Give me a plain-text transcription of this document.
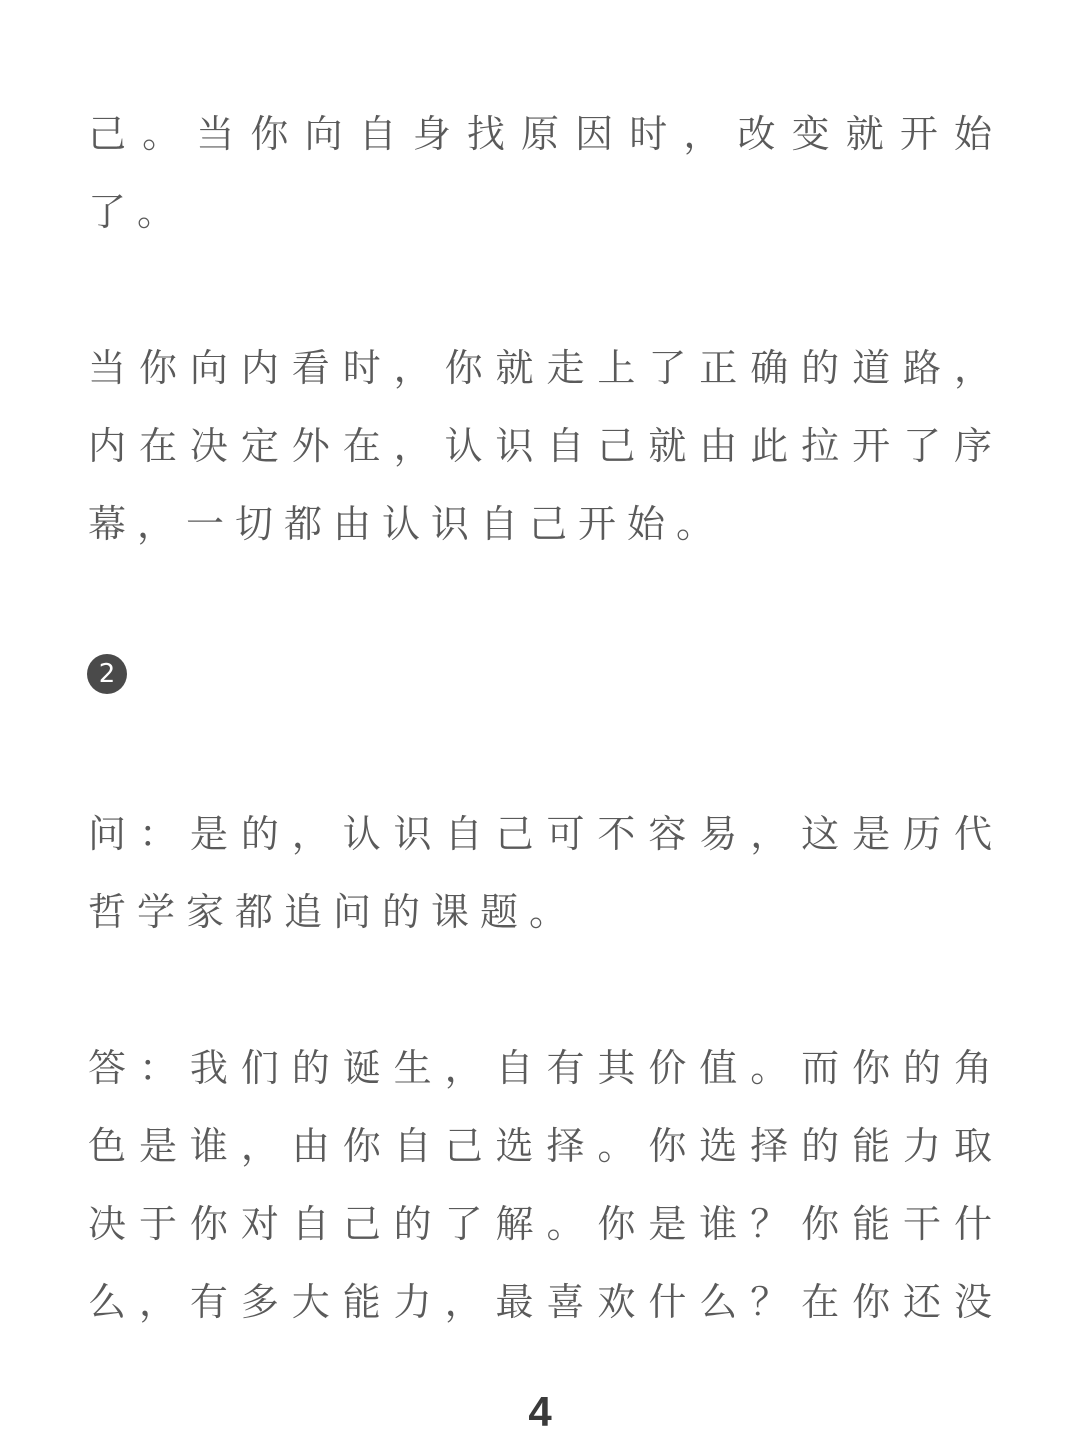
己。当你向自身找原因时，改变就开始
了。
当你向内看时，你就走上了正确的道路，
内在决定外在，认识自己就由此拉开了序
幕，一切都由认识自己开始。
2
问：是的，认识自己可不容易，这是历代
哲学家都追问的课题。
答：我们的诞生，自有其价值。而你的角
色是谁，由你自己选择。你选择的能力取
决于你对自己的了解。你是谁？你能干什
么，有多大能力，最喜欢什么？在你还没
4
